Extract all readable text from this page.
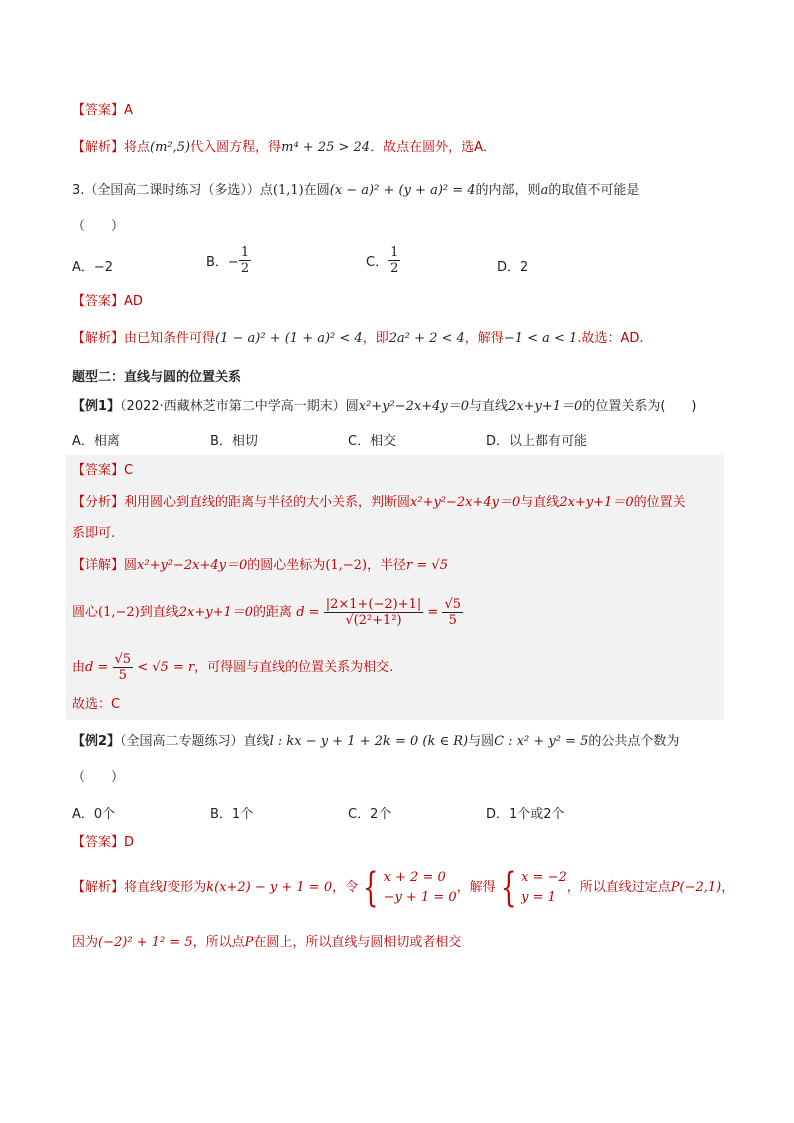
【答案】A
【解析】将点(m²,5)代入圆方程，得m⁴ + 25 > 24．故点在圆外，选A．
3.（全国高二课时练习（多选））点(1,1)在圆(x − a)² + (y + a)² = 4的内部，则a的取值不可能是
（　　）
A．−2	B．− $\frac{1}{2}$	C． $\frac{1}{2}$	D．2
【答案】AD
【解析】由已知条件可得(1 − a)² + (1 + a)² < 4，即2a² + 2 < 4，解得−1 < a < 1.故选：AD.
题型二：直线与圆的位置关系
【例1】（2022·西藏林芝市第二中学高一期末）圆x²+y²−2x+4y＝0与直线2x+y+1＝0的位置关系为(　　)
A．相离	B．相切	C．相交	D．以上都有可能
【答案】C
【分析】利用圆心到直线的距离与半径的大小关系，判断圆x²+y²−2x+4y＝0与直线2x+y+1＝0的位置关
系即可.
【详解】圆x²+y²−2x+4y＝0的圆心坐标为(1,−2)，半径r = √5
圆心(1,−2)到直线2x+y+1＝0的距离 $d = \frac{|2\times 1+(-2)+1|}{\text{√(2²+1²)}} = \frac{√5}{5}$
由$d = \frac{√5}{5} < √5 = r$，可得圆与直线的位置关系为相交.
故选：C
【例2】（全国高二专题练习）直线l : kx − y + 1 + 2k = 0 (k ∈ R)与圆C : x² + y² = 5的公共点个数为
（　　）
A．0个	B．1个	C．2个	D．1个或2个
【答案】D
【解析】将直线l变形为k(x+2) − y + 1 = 0，令 { x + 2 = 0
−y + 1 = 0
，解得 { x = −2
y = 1
，所以直线过定点P(−2,1)，
因为(−2)² + 1² = 5，所以点P在圆上，所以直线与圆相切或者相交
